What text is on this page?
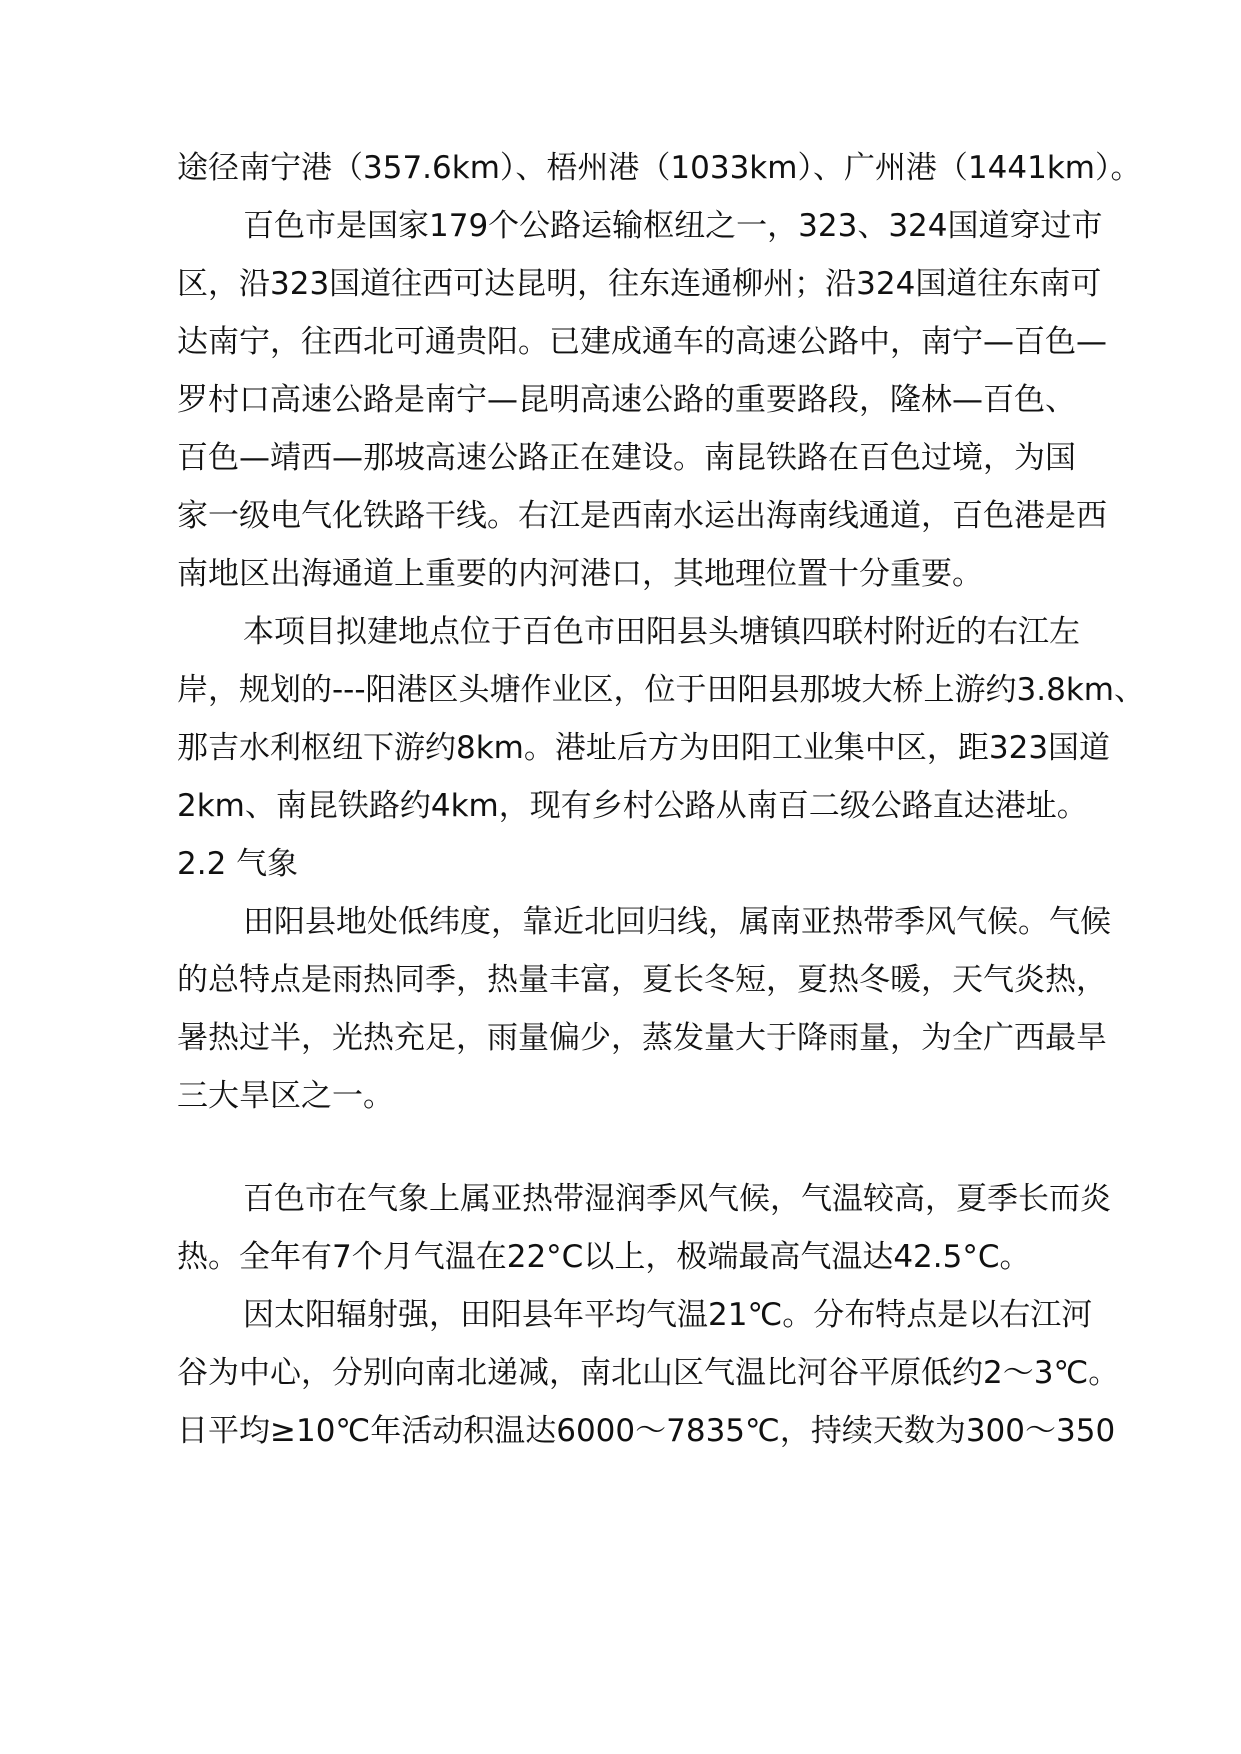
途径南宁港（357.6km）、梧州港（1033km）、广州港（1441km）。

百色市是国家179个公路运输枢纽之一，323、324国道穿过市

区，沿323国道往西可达昆明，往东连通柳州；沿324国道往东南可

达南宁，往西北可通贵阳。已建成通车的高速公路中，南宁—百色—

罗村口高速公路是南宁—昆明高速公路的重要路段，隆林—百色、

百色—靖西—那坡高速公路正在建设。南昆铁路在百色过境，为国

家一级电气化铁路干线。右江是西南水运出海南线通道，百色港是西

南地区出海通道上重要的内河港口，其地理位置十分重要。

本项目拟建地点位于百色市田阳县头塘镇四联村附近的右江左

岸，规划的---阳港区头塘作业区，位于田阳县那坡大桥上游约3.8km、

那吉水利枢纽下游约8km。港址后方为田阳工业集中区，距323国道

2km、南昆铁路约4km，现有乡村公路从南百二级公路直达港址。

2.2 气象

田阳县地处低纬度，靠近北回归线，属南亚热带季风气候。气候

的总特点是雨热同季，热量丰富，夏长冬短，夏热冬暖，天气炎热，

暑热过半，光热充足，雨量偏少，蒸发量大于降雨量，为全广西最旱

三大旱区之一。

百色市在气象上属亚热带湿润季风气候，气温较高，夏季长而炎

热。全年有7个月气温在22°C以上，极端最高气温达42.5°C。

因太阳辐射强，田阳县年平均气温21℃。分布特点是以右江河

谷为中心，分别向南北递减，南北山区气温比河谷平原低约2～3℃。

日平均≥10℃年活动积温达6000～7835℃，持续天数为300～350
